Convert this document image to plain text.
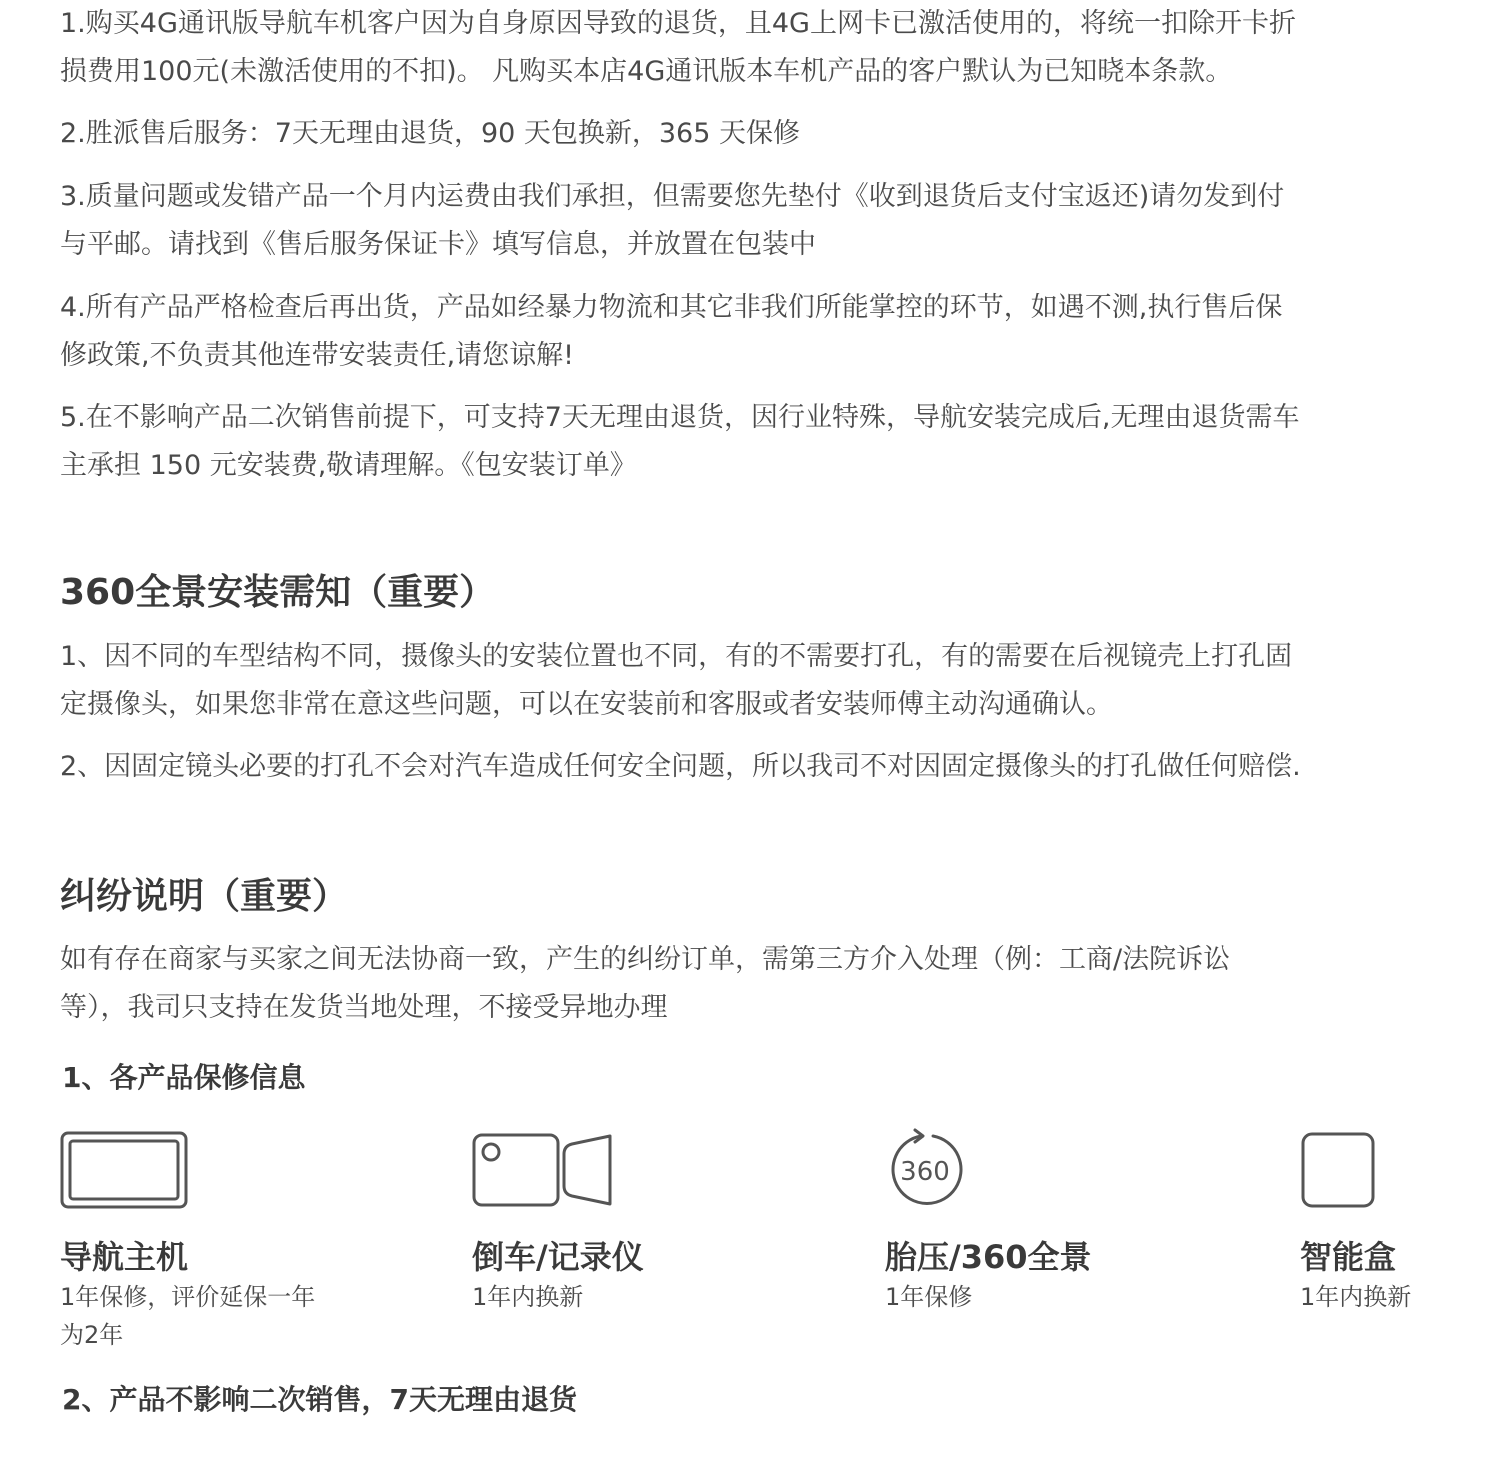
1.购买4G通讯版导航车机客户因为自身原因导致的退货，且4G上网卡已激活使用的，将统一扣除开卡折
损费用100元(未激活使用的不扣)。 凡购买本店4G通讯版本车机产品的客户默认为已知晓本条款。

2.胜派售后服务：7天无理由退货，90 天包换新，365 天保修

3.质量问题或发错产品一个月内运费由我们承担，但需要您先垫付《收到退货后支付宝返还)请勿发到付
与平邮。请找到《售后服务保证卡》填写信息，并放置在包装中

4.所有产品严格检查后再出货，产品如经暴力物流和其它非我们所能掌控的环节，如遇不测,执行售后保
修政策,不负责其他连带安装责任,请您谅解!

5.在不影响产品二次销售前提下，可支持7天无理由退货，因行业特殊，导航安装完成后,无理由退货需车
主承担 150 元安装费,敬请理解。《包安装订单》

360全景安装需知（重要）

1、因不同的车型结构不同，摄像头的安装位置也不同，有的不需要打孔，有的需要在后视镜壳上打孔固
定摄像头，如果您非常在意这些问题，可以在安装前和客服或者安装师傅主动沟通确认。

2、因固定镜头必要的打孔不会对汽车造成任何安全问题，所以我司不对因固定摄像头的打孔做任何赔偿.

纠纷说明（重要）

如有存在商家与买家之间无法协商一致，产生的纠纷订单，需第三方介入处理（例：工商/法院诉讼
等），我司只支持在发货当地处理，不接受异地办理

1、各产品保修信息
导航主机
1年保修，评价延保一年
为2年
倒车/记录仪
1年内换新
360
胎压/360全景
1年保修
智能盒
1年内换新
2、产品不影响二次销售，7天无理由退货
